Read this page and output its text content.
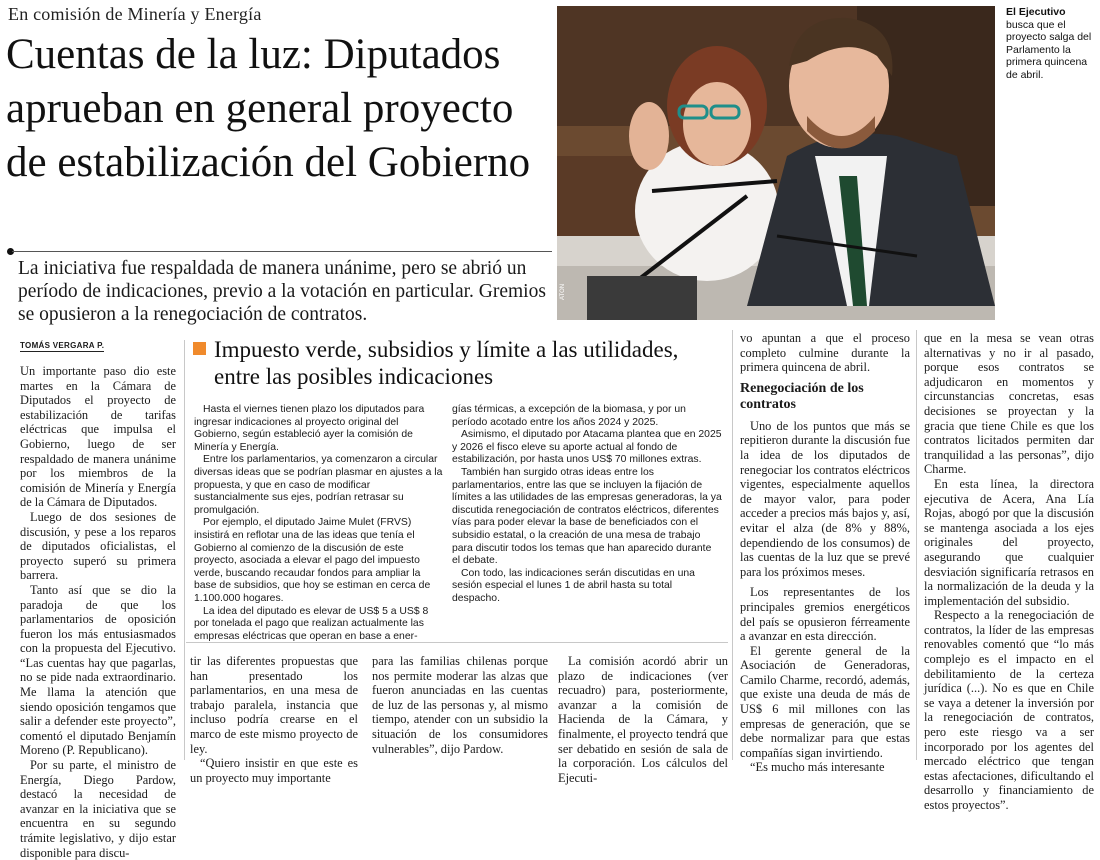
En comisión de Minería y Energía
Cuentas de la luz: Diputados aprueban en general proyecto de estabilización del Gobierno
La iniciativa fue respaldada de manera unánime, pero se abrió un período de indicaciones, previo a la votación en particular. Gremios se opusieron a la renegociación de contratos.
ATON
El Ejecutivo
busca que el proyecto salga del Parlamento la primera quincena de abril.
TOMÁS VERGARA P.

Un importante paso dio este martes en la Cámara de Diputados el proyecto de estabilización de tarifas eléctricas que impulsa el Gobierno, luego de ser respaldado de manera unánime por los miembros de la comisión de Minería y Energía de la Cámara de Diputados.

Luego de dos sesiones de discusión, y pese a los reparos de diputados oficialistas, el proyecto superó su primera barrera.

Tanto así que se dio la paradoja de que los parlamentarios de oposición fueron los más entusiasmados con la propuesta del Ejecutivo. “Las cuentas hay que pagarlas, no se pide nada extraordinario. Me llama la atención que siendo oposición tengamos que salir a defender este proyecto”, comentó el diputado Benjamín Moreno (P. Republicano).

Por su parte, el ministro de Energía, Diego Pardow, destacó la necesidad de avanzar en la iniciativa que se encuentra en su segundo trámite legislativo, y dijo estar disponible para discu-

Impuesto verde, subsidios y límite a las utilidades, entre las posibles indicaciones

Hasta el viernes tienen plazo los diputados para ingresar indicaciones al proyecto original del Gobierno, según estableció ayer la comisión de Minería y Energía.

Entre los parlamentarios, ya comenzaron a circular diversas ideas que se podrían plasmar en ajustes a la propuesta, y que en caso de modificar sustancialmente sus ejes, podrían retrasar su promulgación.

Por ejemplo, el diputado Jaime Mulet (FRVS) insistirá en reflotar una de las ideas que tenía el Gobierno al comienzo de la discusión de este proyecto, asociada a elevar el pago del impuesto verde, buscando recaudar fondos para ampliar la base de subsidios, que hoy se estiman en cerca de 1.100.000 hogares.

La idea del diputado es elevar de US$ 5 a US$ 8 por tonelada el pago que realizan actualmente las empresas eléctricas que operan en base a ener-

gías térmicas, a excepción de la biomasa, y por un período acotado entre los años 2024 y 2025.

Asimismo, el diputado por Atacama plantea que en 2025 y 2026 el fisco eleve su aporte actual al fondo de estabilización, por hasta unos US$ 70 millones extras.

También han surgido otras ideas entre los parlamentarios, entre las que se incluyen la fijación de límites a las utilidades de las empresas generadoras, la ya discutida renegociación de contratos eléctricos, diferentes vías para poder elevar la base de beneficiados con el subsidio estatal, o la creación de una mesa de trabajo para discutir todos los temas que han aparecido durante el debate.

Con todo, las indicaciones serán discutidas en una sesión especial el lunes 1 de abril hasta su total despacho.

tir las diferentes propuestas que han presentado los parlamentarios, en una mesa de trabajo paralela, instancia que incluso podría crearse en el marco de este mismo proyecto de ley.

“Quiero insistir en que este es un proyecto muy importante

para las familias chilenas porque nos permite moderar las alzas que fueron anunciadas en las cuentas de luz de las personas y, al mismo tiempo, atender con un subsidio la situación de los consumidores vulnerables”, dijo Pardow.

La comisión acordó abrir un plazo de indicaciones (ver recuadro) para, posteriormente, avanzar a la comisión de Hacienda de la Cámara, y finalmente, el proyecto tendrá que ser debatido en sesión de sala de la corporación. Los cálculos del Ejecuti-

vo apuntan a que el proceso completo culmine durante la primera quincena de abril.

Renegociación de los contratos

Uno de los puntos que más se repitieron durante la discusión fue la idea de los diputados de renegociar los contratos eléctricos vigentes, especialmente aquellos de mayor valor, para poder acceder a precios más bajos y, así, evitar el alza (de 8% y 88%, dependiendo de los consumos) de las cuentas de la luz que se prevé para los próximos meses.

Los representantes de los principales gremios energéticos del país se opusieron férreamente a avanzar en esta dirección.

El gerente general de la Asociación de Generadoras, Camilo Charme, recordó, además, que existe una deuda de más de US$ 6 mil millones con las empresas de generación, que se debe normalizar para que estas compañías sigan invirtiendo.

“Es mucho más interesante

que en la mesa se vean otras alternativas y no ir al pasado, porque esos contratos se adjudicaron en momentos y circunstancias concretas, esas decisiones se proyectan y la gracia que tiene Chile es que los contratos licitados permiten dar tranquilidad a las personas”, dijo Charme.

En esta línea, la directora ejecutiva de Acera, Ana Lía Rojas, abogó por que la discusión se mantenga asociada a los ejes originales del proyecto, asegurando que cualquier desviación significaría retrasos en la normalización de la deuda y la implementación del subsidio.

Respecto a la renegociación de contratos, la líder de las empresas renovables comentó que “lo más complejo es el impacto en el debilitamiento de la certeza jurídica (...). No es que en Chile se vaya a detener la inversión por la renegociación de contratos, pero este riesgo va a ser incorporado por los agentes del mercado eléctrico que tengan estas afectaciones, dificultando el desarrollo y financiamiento de estos proyectos”.
